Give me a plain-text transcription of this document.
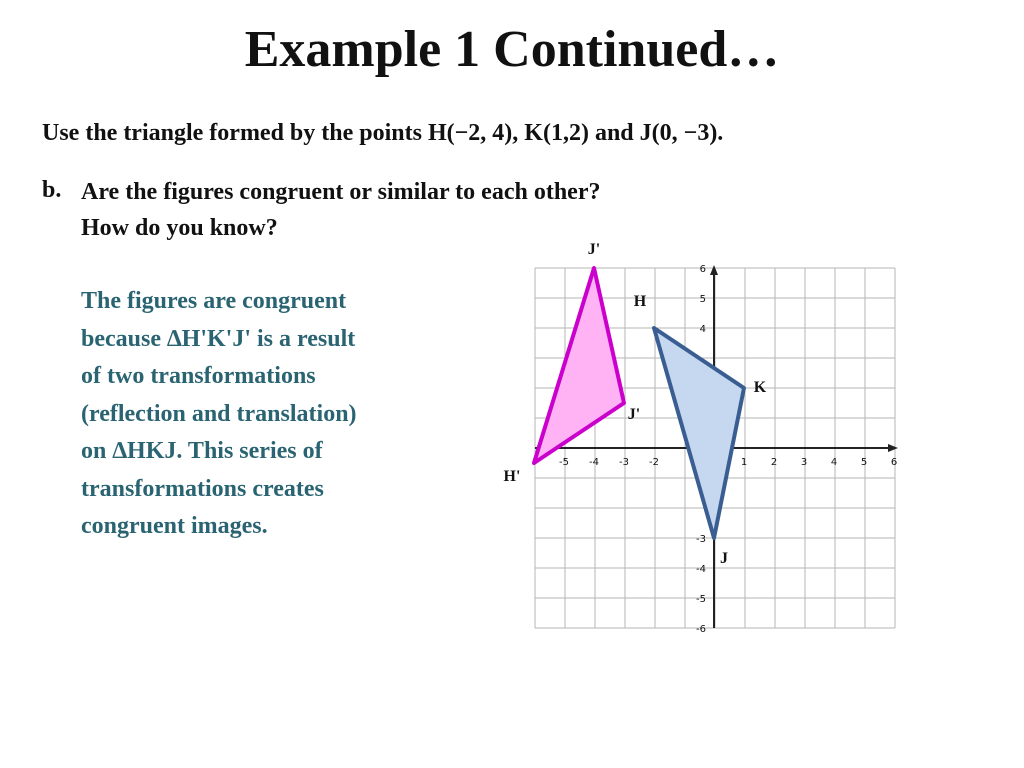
Example 1 Continued…
Use the triangle formed by the points H(−2, 4), K(1,2) and J(0, −3).
b. Are the figures congruent or similar to each other?
How do you know?
The figures are congruent
because ∆H'K'J' is a result
of two transformations
(reflection and translation)
on ∆HKJ. This series of
transformations creates
congruent images.
-5 -4 -3 -2	1 2 3 4 5 6
6
5
4
-3
-4
-5
-6
H
K
J
J'
J'
H'
